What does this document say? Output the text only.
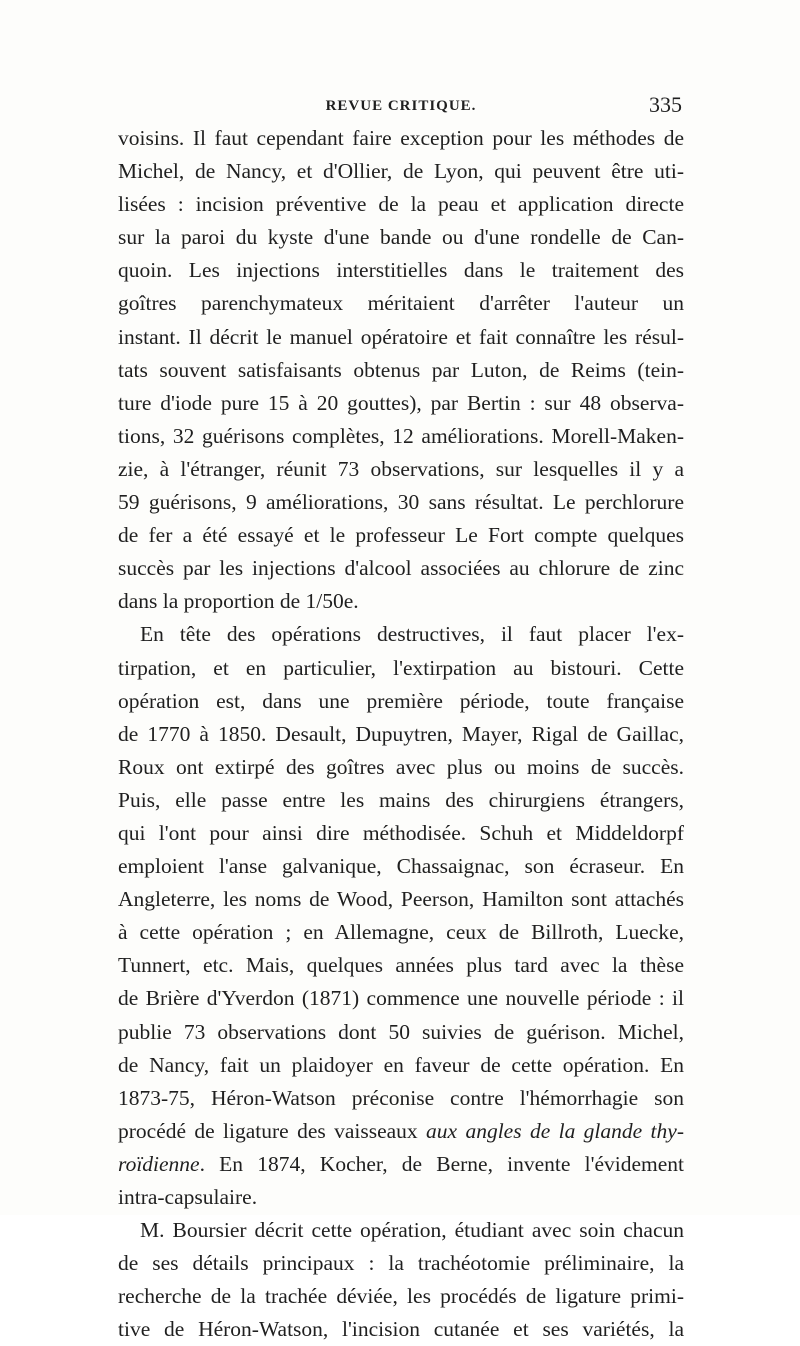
REVUE CRITIQUE.	335
voisins. Il faut cependant faire exception pour les méthodes de
Michel, de Nancy, et d'Ollier, de Lyon, qui peuvent être uti-
lisées : incision préventive de la peau et application directe
sur la paroi du kyste d'une bande ou d'une rondelle de Can-
quoin. Les injections interstitielles dans le traitement des
goîtres parenchymateux méritaient d'arrêter l'auteur un
instant. Il décrit le manuel opératoire et fait connaître les résul-
tats souvent satisfaisants obtenus par Luton, de Reims (tein-
ture d'iode pure 15 à 20 gouttes), par Bertin : sur 48 observa-
tions, 32 guérisons complètes, 12 améliorations. Morell-Maken-
zie, à l'étranger, réunit 73 observations, sur lesquelles il y a
59 guérisons, 9 améliorations, 30 sans résultat. Le perchlorure
de fer a été essayé et le professeur Le Fort compte quelques
succès par les injections d'alcool associées au chlorure de zinc
dans la proportion de 1/50e.
En tête des opérations destructives, il faut placer l'ex-
tirpation, et en particulier, l'extirpation au bistouri. Cette
opération est, dans une première période, toute française
de 1770 à 1850. Desault, Dupuytren, Mayer, Rigal de Gaillac,
Roux ont extirpé des goîtres avec plus ou moins de succès.
Puis, elle passe entre les mains des chirurgiens étrangers,
qui l'ont pour ainsi dire méthodisée. Schuh et Middeldorpf
emploient l'anse galvanique, Chassaignac, son écraseur. En
Angleterre, les noms de Wood, Peerson, Hamilton sont attachés
à cette opération ; en Allemagne, ceux de Billroth, Luecke,
Tunnert, etc. Mais, quelques années plus tard avec la thèse
de Brière d'Yverdon (1871) commence une nouvelle période : il
publie 73 observations dont 50 suivies de guérison. Michel,
de Nancy, fait un plaidoyer en faveur de cette opération. En
1873-75, Héron-Watson préconise contre l'hémorrhagie son
procédé de ligature des vaisseaux aux angles de la glande thy-
roïdienne. En 1874, Kocher, de Berne, invente l'évidement
intra-capsulaire.
M. Boursier décrit cette opération, étudiant avec soin chacun
de ses détails principaux : la trachéotomie préliminaire, la
recherche de la trachée déviée, les procédés de ligature primi-
tive de Héron-Watson, l'incision cutanée et ses variétés, la
